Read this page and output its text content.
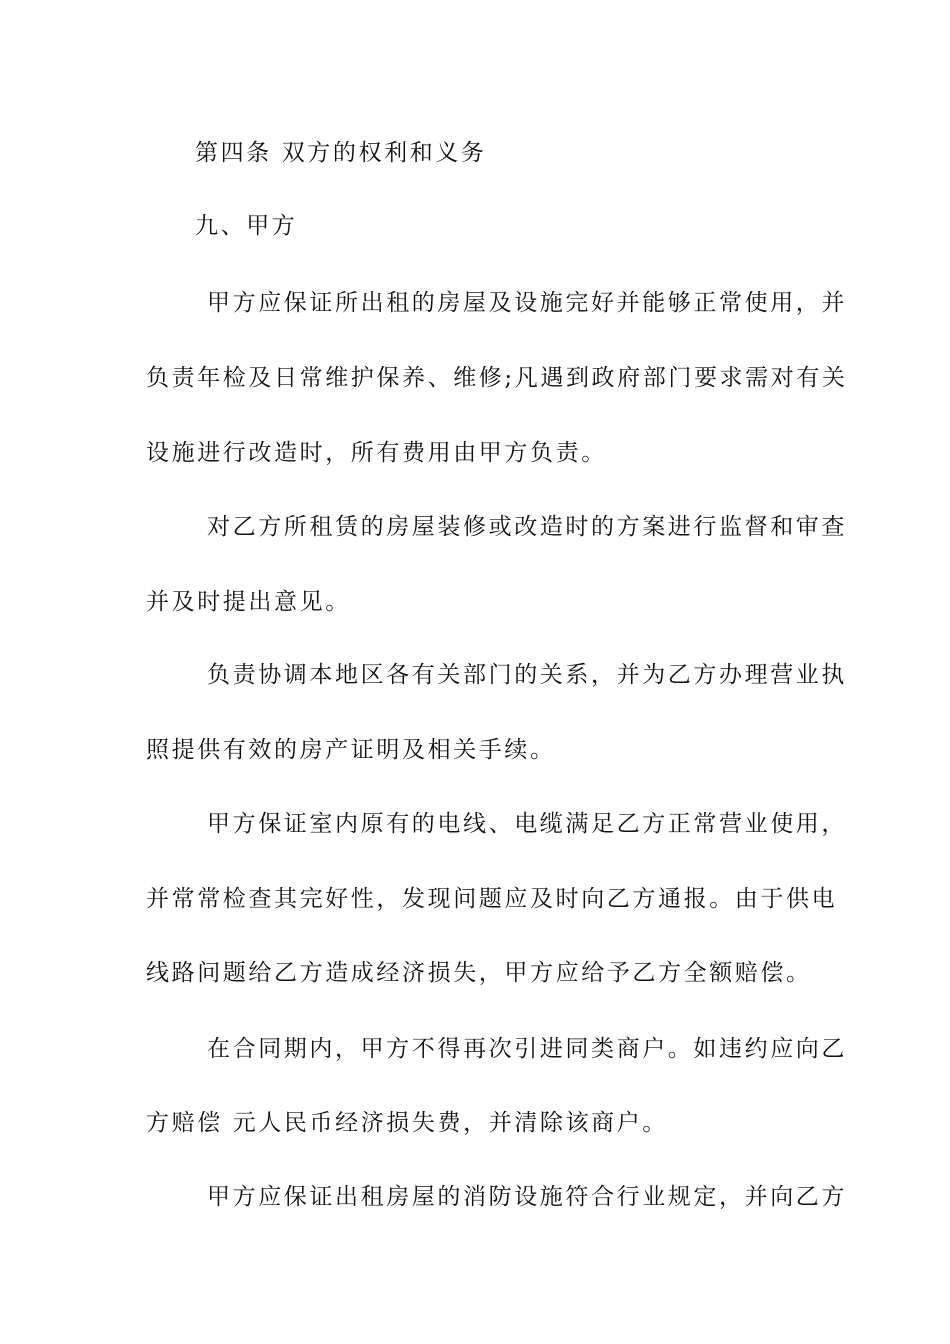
第四条 双方的权利和义务
九、甲方
甲方应保证所出租的房屋及设施完好并能够正常使用，并
负责年检及日常维护保养、维修;凡遇到政府部门要求需对有关
设施进行改造时，所有费用由甲方负责。
对乙方所租赁的房屋装修或改造时的方案进行监督和审查
并及时提出意见。
负责协调本地区各有关部门的关系，并为乙方办理营业执
照提供有效的房产证明及相关手续。
甲方保证室内原有的电线、电缆满足乙方正常营业使用，
并常常检查其完好性，发现问题应及时向乙方通报。由于供电
线路问题给乙方造成经济损失，甲方应给予乙方全额赔偿。
在合同期内，甲方不得再次引进同类商户。如违约应向乙
方赔偿 元人民币经济损失费，并清除该商户。
甲方应保证出租房屋的消防设施符合行业规定，并向乙方
